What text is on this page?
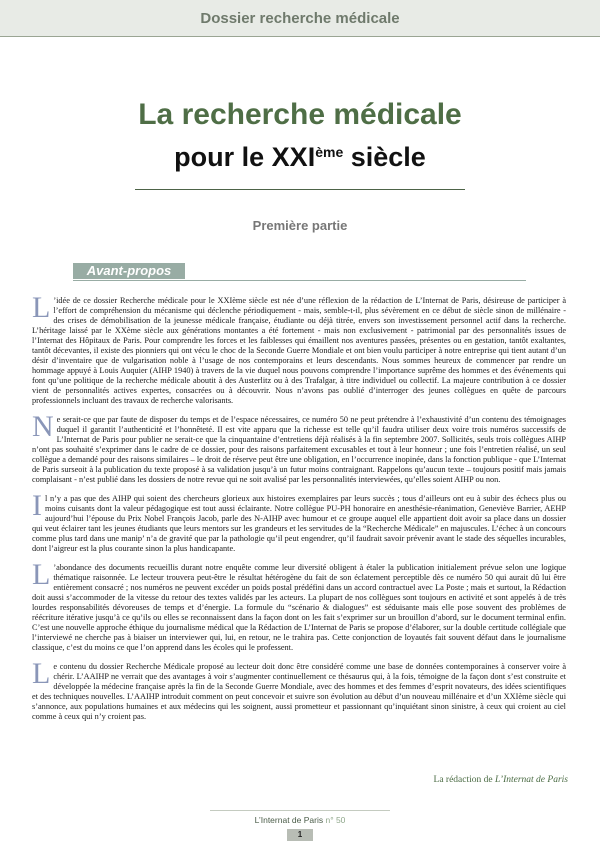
Dossier recherche médicale
La recherche médicale
pour le XXIème siècle
Première partie
Avant-propos

L ’idée de ce dossier Recherche médicale pour le XXIème siècle est née d’une réflexion de la rédaction de L’Internat de Paris, désireuse de participer à l’effort de compréhension du mécanisme qui déclenche périodiquement - mais, semble-t-il, plus sévèrement en ce début de siècle sinon de millénaire - des crises de démobilisation de la jeunesse médicale française, étudiante ou déjà titrée, envers son investissement personnel actif dans la recherche. L’héritage laissé par le XXème siècle aux générations montantes a été fortement - mais non exclusivement - patrimonial par des personnalités issues de l’Internat des Hôpitaux de Paris. Pour comprendre les forces et les faiblesses qui émaillent nos aventures passées, présentes ou en gestation, tantôt exaltantes, tantôt décevantes, il existe des pionniers qui ont vécu le choc de la Seconde Guerre Mondiale et ont bien voulu participer à notre entreprise qui tient autant d’un désir d’inventaire que de vulgarisation noble à l’usage de nos contemporains et leurs descendants. Nous sommes heureux de commencer par rendre un hommage appuyé à Louis Auquier (AIHP 1940) à travers de la vie duquel nous pouvons comprendre l’importance suprême des hommes et des événements qui font qu’une politique de la recherche médicale aboutit à des Austerlitz ou à des Trafalgar, à titre individuel ou collectif. La majeure contribution à ce dossier vient de personnalités actives expertes, consacrées ou à découvrir. Nous n’avons pas oublié d’interroger des jeunes collègues en quête de parcours professionnels incluant des travaux de recherche valorisants.

Ne serait-ce que par faute de disposer du temps et de l’espace nécessaires, ce numéro 50 ne peut prétendre à l’exhaustivité d’un contenu des témoignages duquel il garantit l’authenticité et l’honnêteté. Il est vite apparu que la richesse est telle qu’il faudra utiliser deux voire trois numéros successifs de L’Internat de Paris pour publier ne serait-ce que la cinquantaine d’entretiens déjà réalisés à la fin septembre 2007. Sollicités, seuls trois collègues AIHP n’ont pas souhaité s’exprimer dans le cadre de ce dossier, pour des raisons parfaitement excusables et tout à leur honneur ; une fois l’entretien réalisé, un seul collègue a demandé pour des raisons similaires – le droit de réserve peut être une obligation, en l’occurrence inopinée, dans la fonction publique - que L’Internat de Paris surseoit à la publication du texte proposé à sa validation jusqu’à un futur moins contraignant. Rappelons qu’aucun texte – toujours positif mais jamais complaisant - n’est publié dans les dossiers de notre revue qui ne soit avalisé par les personnalités interviewées, qu’elles soient AIHP ou non.

Il n’y a pas que des AIHP qui soient des chercheurs glorieux aux histoires exemplaires par leurs succès ; tous d’ailleurs ont eu à subir des échecs plus ou moins cuisants dont la valeur pédagogique est tout aussi éclairante. Notre collègue PU-PH honoraire en anesthésie-réanimation, Geneviève Barrier, AEHP aujourd’hui l’épouse du Prix Nobel François Jacob, parle des N-AIHP avec humour et ce groupe auquel elle appartient doit avoir sa place dans un dossier qui veut éclairer tant les jeunes étudiants que leurs mentors sur les grandeurs et les servitudes de la “Recherche Médicale” en majuscules. L’échec à un concours comme plus tard dans une manip’ n’a de gravité que par la pathologie qu’il peut engendrer, qu’il faudrait savoir prévenir avant le stade des séquelles incurables, dont l’aigreur est la plus courante sinon la plus handicapante.

L ’abondance des documents recueillis durant notre enquête comme leur diversité obligent à étaler la publication initialement prévue selon une logique thématique raisonnée. Le lecteur trouvera peut-être le résultat hétérogène du fait de son éclatement perceptible dès ce numéro 50 qui aurait dû lui être entièrement consacré ; nos numéros ne peuvent excéder un poids postal prédéfini dans un accord contractuel avec La Poste ; mais et surtout, la Rédaction doit aussi s’accommoder de la vitesse du retour des textes validés par les acteurs. La plupart de nos collègues sont toujours en activité et sont appelés à de très lourdes responsabilités dévoreuses de temps et d’énergie. La formule du “scénario & dialogues” est séduisante mais elle pose souvent des problèmes de réécriture itérative jusqu’à ce qu’ils ou elles se reconnaissent dans la façon dont on les fait s’exprimer sur un brouillon d’abord, sur le document terminal enfin. C’est une nouvelle approche éthique du journalisme médical que la Rédaction de L’Internat de Paris se propose d’élaborer, sur la double certitude collégiale que l’interviewé ne cherche pas à biaiser un interviewer qui, lui, en retour, ne le trahira pas. Cette conjonction de loyautés fait souvent défaut dans le journalisme classique, c’est du moins ce que l’on apprend dans les écoles qui le professent.

Le contenu du dossier Recherche Médicale proposé au lecteur doit donc être considéré comme une base de données contemporaines à conserver voire à chérir. L’AAIHP ne verrait que des avantages à voir s’augmenter continuellement ce thésaurus qui, à la fois, témoigne de la façon dont s’est construite et développée la médecine française après la fin de la Seconde Guerre Mondiale, avec des hommes et des femmes d’esprit novateurs, des idées scientifiques et des techniques nouvelles. L’AAIHP introduit comment on peut concevoir et suivre son évolution au début d’un nouveau millénaire et d’un XXIème siècle qui s’annonce, aux populations humaines et aux médecins qui les soignent, aussi prometteur et passionnant qu’inquiétant sinon sinistre, à ceux qui croient au ciel comme à ceux qui n’y croient pas.

La rédaction de L’Internat de Paris
L’Internat de Paris n° 50
1
